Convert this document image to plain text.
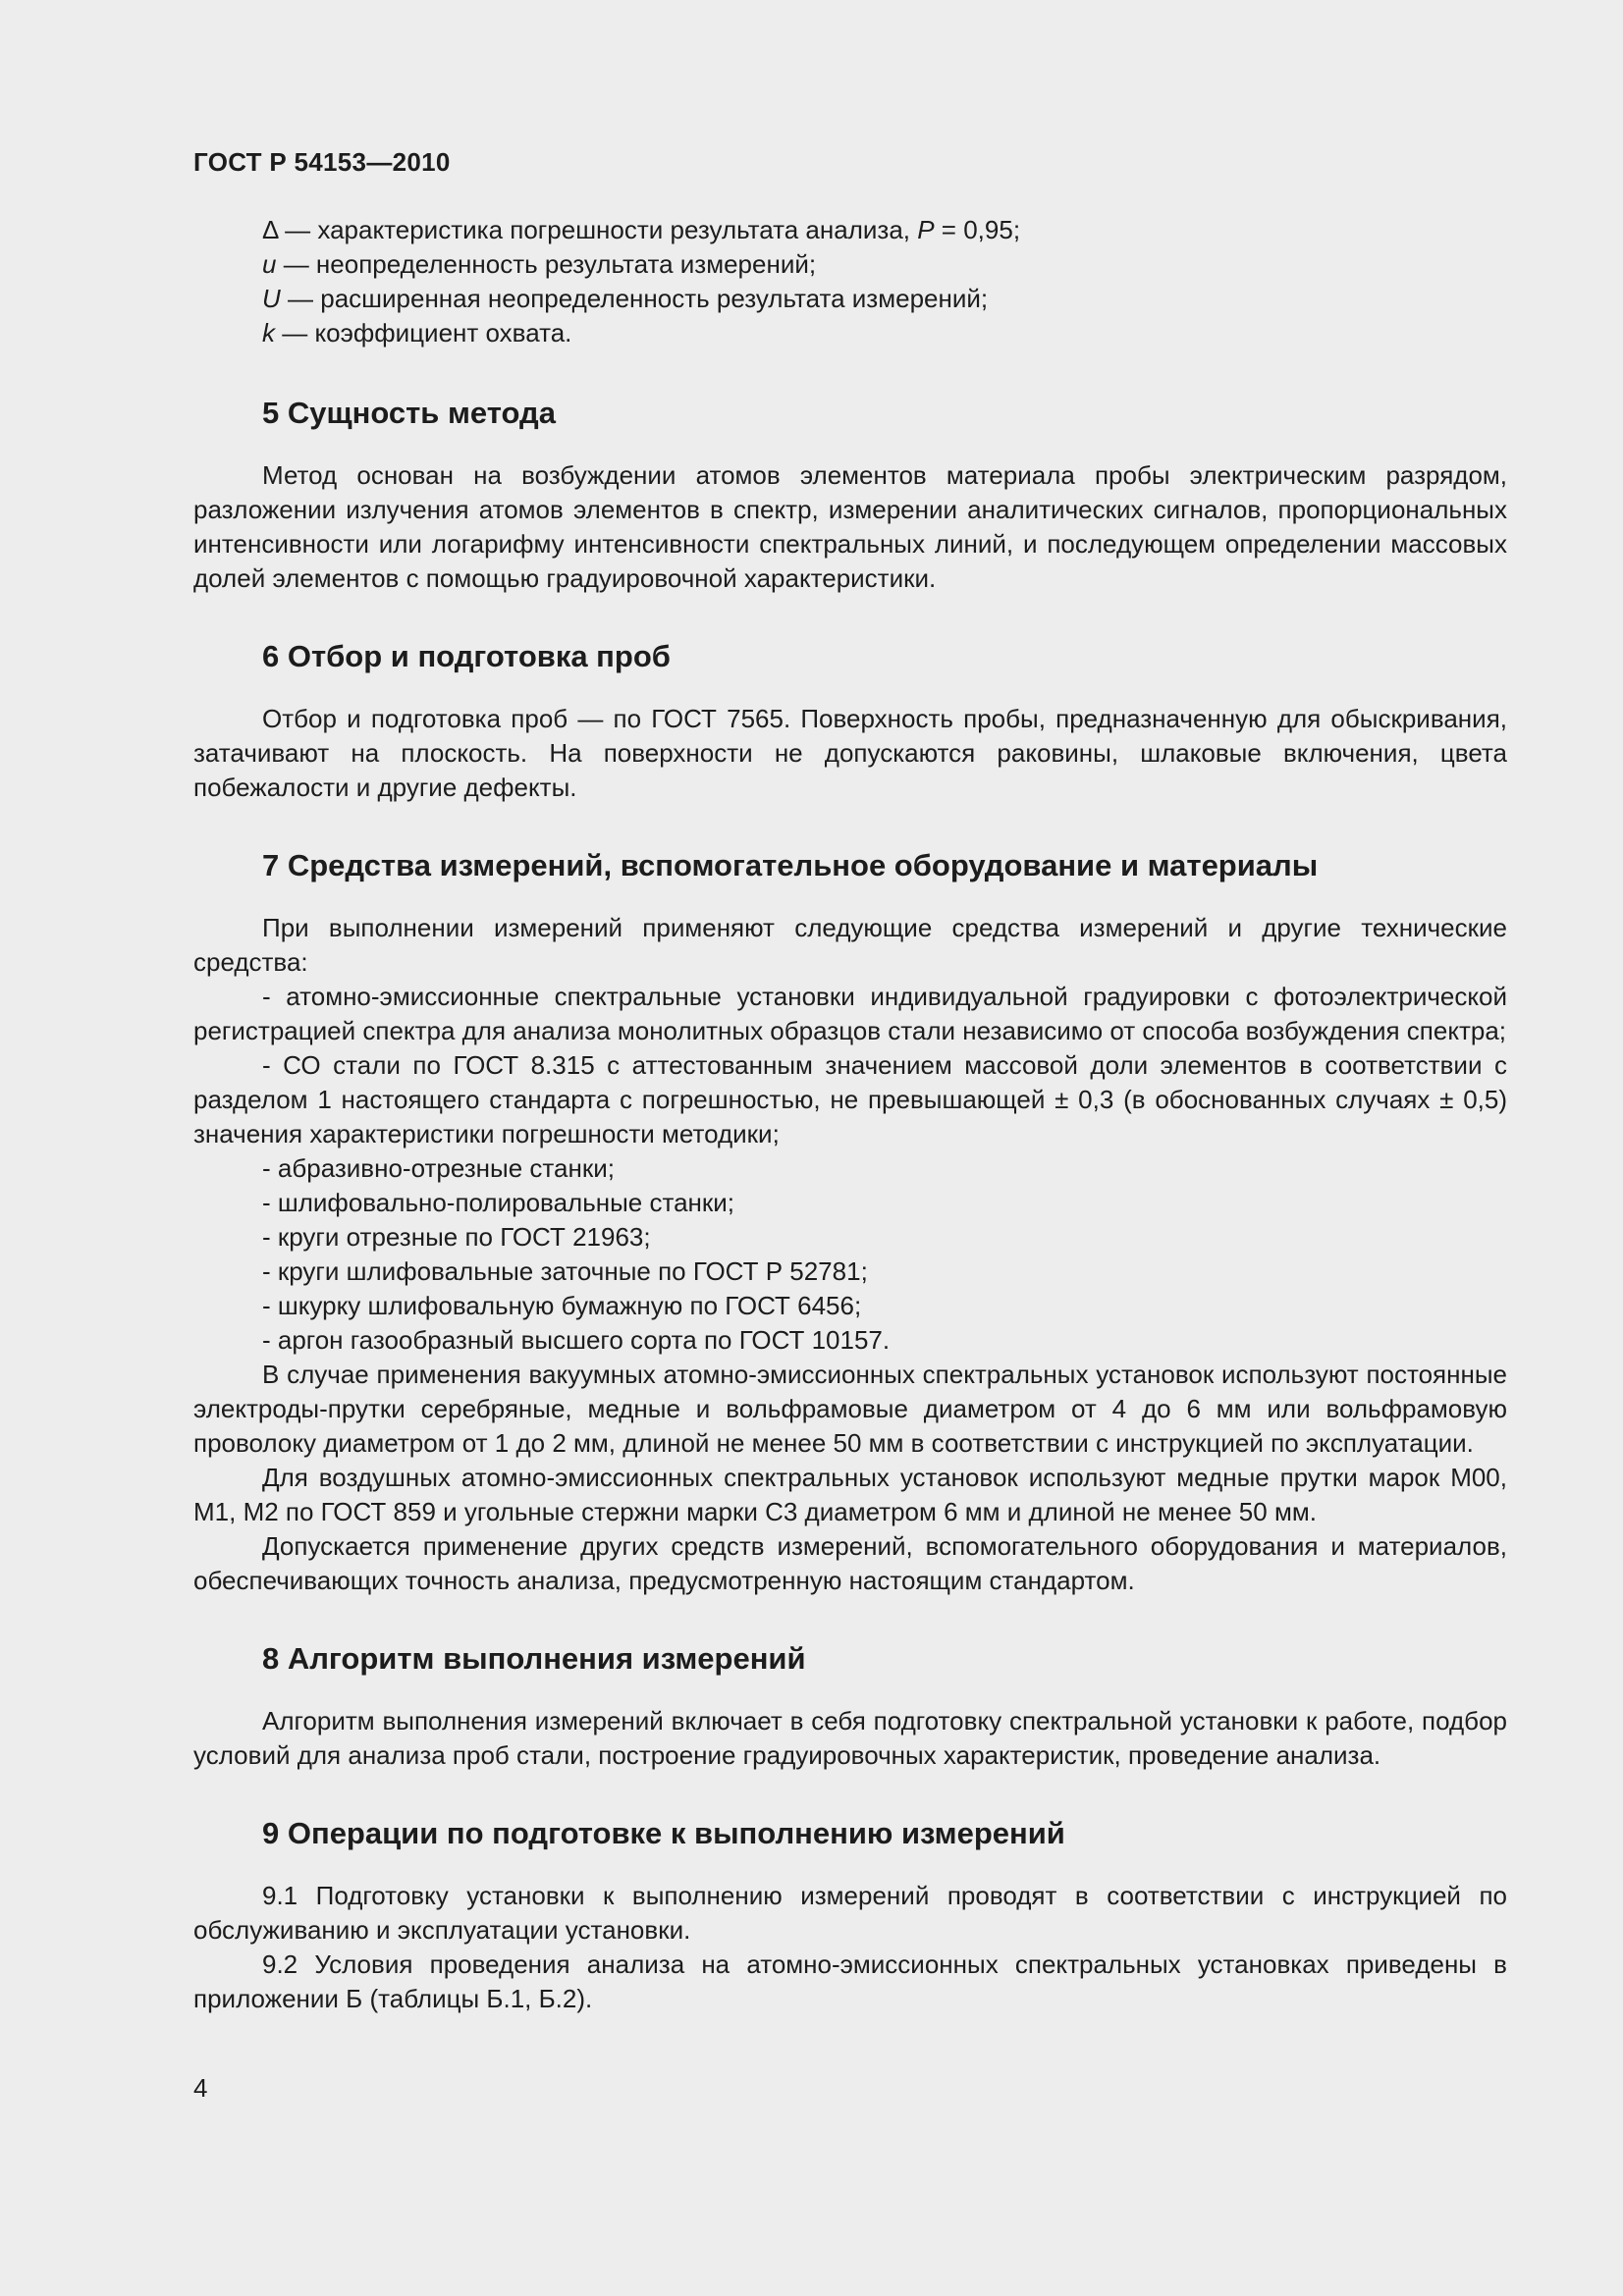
ГОСТ Р 54153—2010
Δ — характеристика погрешности результата анализа, P = 0,95;
u — неопределенность результата измерений;
U — расширенная неопределенность результата измерений;
k — коэффициент охвата.
5 Сущность метода

Метод основан на возбуждении атомов элементов материала пробы электрическим разрядом, разложении излучения атомов элементов в спектр, измерении аналитических сигналов, пропорциональных интенсивности или логарифму интенсивности спектральных линий, и последующем определении массовых долей элементов с помощью градуировочной характеристики.

6 Отбор и подготовка проб

Отбор и подготовка проб — по ГОСТ 7565. Поверхность пробы, предназначенную для обыскривания, затачивают на плоскость. На поверхности не допускаются раковины, шлаковые включения, цвета побежалости и другие дефекты.

7 Средства измерений, вспомогательное оборудование и материалы

При выполнении измерений применяют следующие средства измерений и другие технические средства:

- атомно-эмиссионные спектральные установки индивидуальной градуировки с фотоэлектрической регистрацией спектра для анализа монолитных образцов стали независимо от способа возбуждения спектра;

- СО стали по ГОСТ 8.315 с аттестованным значением массовой доли элементов в соответствии с разделом 1 настоящего стандарта с погрешностью, не превышающей ± 0,3 (в обоснованных случаях ± 0,5) значения характеристики погрешности методики;

- абразивно-отрезные станки;

- шлифовально-полировальные станки;

- круги отрезные по ГОСТ 21963;

- круги шлифовальные заточные по ГОСТ Р 52781;

- шкурку шлифовальную бумажную по ГОСТ 6456;

- аргон газообразный высшего сорта по ГОСТ 10157.

В случае применения вакуумных атомно-эмиссионных спектральных установок используют постоянные электроды-прутки серебряные, медные и вольфрамовые диаметром от 4 до 6 мм или вольфрамовую проволоку диаметром от 1 до 2 мм, длиной не менее 50 мм в соответствии с инструкцией по эксплуатации.

Для воздушных атомно-эмиссионных спектральных установок используют медные прутки марок М00, М1, М2 по ГОСТ 859 и угольные стержни марки С3 диаметром 6 мм и длиной не менее 50 мм.

Допускается применение других средств измерений, вспомогательного оборудования и материалов, обеспечивающих точность анализа, предусмотренную настоящим стандартом.

8 Алгоритм выполнения измерений

Алгоритм выполнения измерений включает в себя подготовку спектральной установки к работе, подбор условий для анализа проб стали, построение градуировочных характеристик, проведение анализа.

9 Операции по подготовке к выполнению измерений

9.1 Подготовку установки к выполнению измерений проводят в соответствии с инструкцией по обслуживанию и эксплуатации установки.

9.2 Условия проведения анализа на атомно-эмиссионных спектральных установках приведены в приложении Б (таблицы Б.1, Б.2).

4
